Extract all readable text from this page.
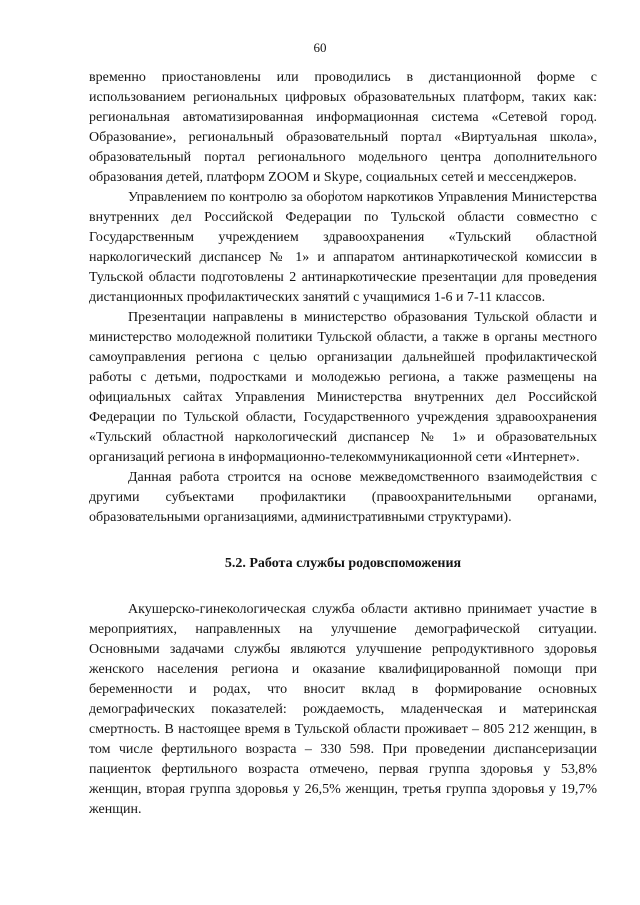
60

временно приостановлены или проводились в дистанционной форме с использованием региональных цифровых образовательных платформ, таких как: региональная автоматизированная информационная система «Сетевой город. Образование», региональный образовательный портал «Виртуальная школа», образовательный портал регионального модельного центра дополнительного образования детей, платформ ZOOM и Skype, социальных сетей и мессенджеров.

Управлением по контролю за оборотом наркотиков Управления Министерства внутренних дел Российской Федерации по Тульской области совместно с Государственным учреждением здравоохранения «Тульский областной наркологический диспансер № 1» и аппаратом антинаркотической комиссии в Тульской области подготовлены 2 антинаркотические презентации для проведения дистанционных профилактических занятий с учащимися 1-6 и 7-11 классов.

Презентации направлены в министерство образования Тульской области и министерство молодежной политики Тульской области, а также в органы местного самоуправления региона с целью организации дальнейшей профилактической работы с детьми, подростками и молодежью региона, а также размещены на официальных сайтах Управления Министерства внутренних дел Российской Федерации по Тульской области, Государственного учреждения здравоохранения «Тульский областной наркологический диспансер № 1» и образовательных организаций региона в информационно-телекоммуникационной сети «Интернет».

Данная работа строится на основе межведомственного взаимодействия с другими субъектами профилактики (правоохранительными органами, образовательными организациями, административными структурами).

5.2. Работа службы родовспоможения

Акушерско-гинекологическая служба области активно принимает участие в мероприятиях, направленных на улучшение демографической ситуации. Основными задачами службы являются улучшение репродуктивного здоровья женского населения региона и оказание квалифицированной помощи при беременности и родах, что вносит вклад в формирование основных демографических показателей: рождаемость, младенческая и материнская смертность. В настоящее время в Тульской области проживает – 805 212 женщин, в том числе фертильного возраста – 330 598. При проведении диспансеризации пациенток фертильного возраста отмечено, первая группа здоровья у 53,8% женщин, вторая группа здоровья у 26,5% женщин, третья группа здоровья у 19,7% женщин.
